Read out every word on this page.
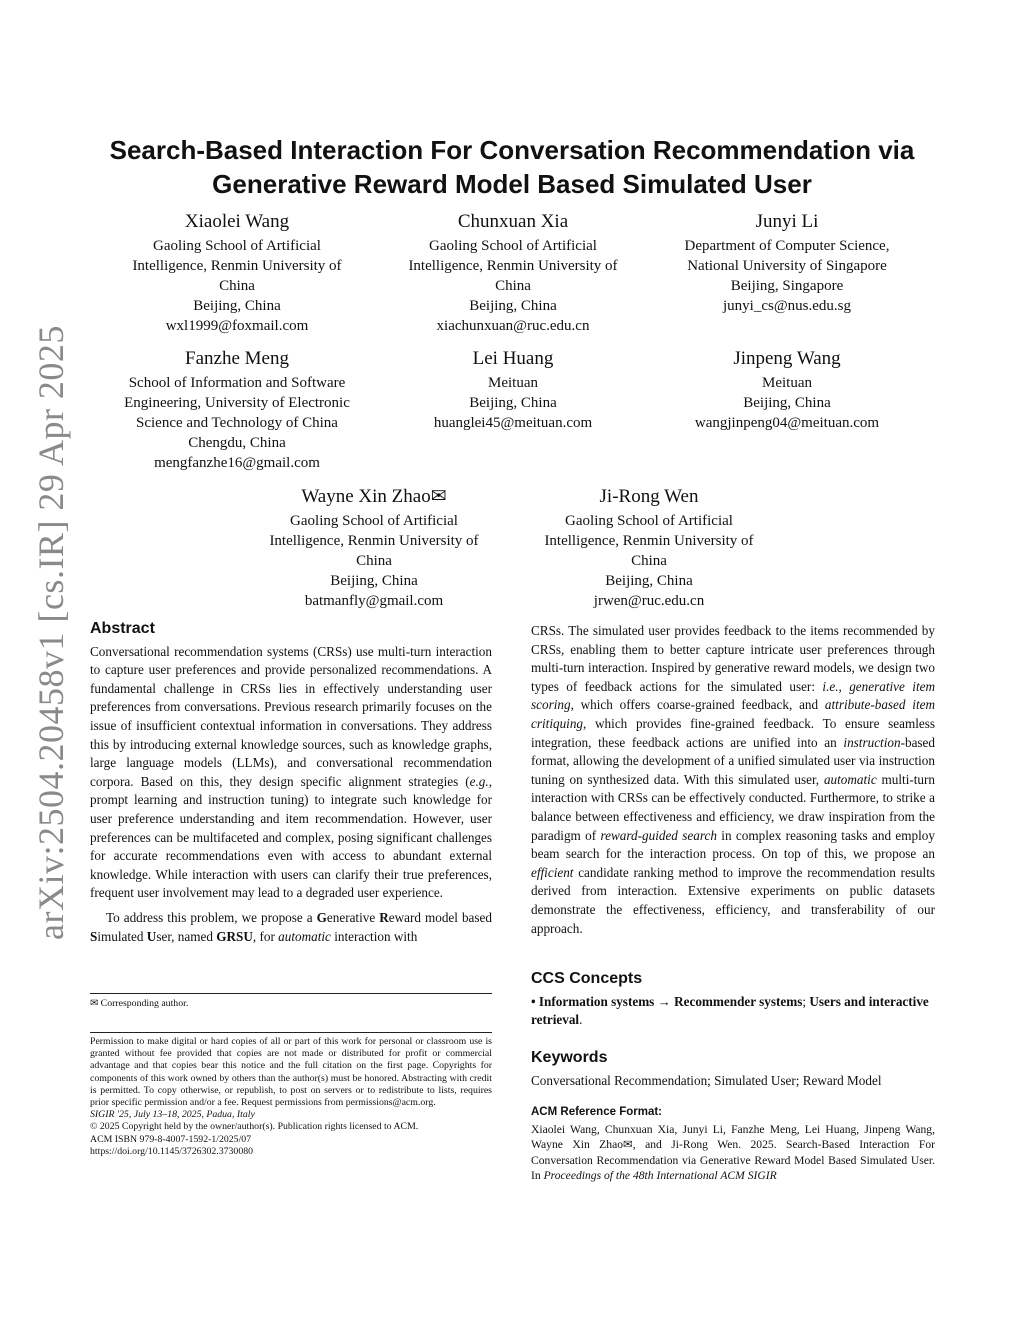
arXiv:2504.20458v1 [cs.IR] 29 Apr 2025
Search-Based Interaction For Conversation Recommendation via Generative Reward Model Based Simulated User
Xiaolei Wang
Gaoling School of Artificial
Intelligence, Renmin University of
China
Beijing, China
wxl1999@foxmail.com
Chunxuan Xia
Gaoling School of Artificial
Intelligence, Renmin University of
China
Beijing, China
xiachunxuan@ruc.edu.cn
Junyi Li
Department of Computer Science,
National University of Singapore
Beijing, Singapore
junyi_cs@nus.edu.sg
Fanzhe Meng
School of Information and Software
Engineering, University of Electronic
Science and Technology of China
Chengdu, China
mengfanzhe16@gmail.com
Lei Huang
Meituan
Beijing, China
huanglei45@meituan.com
Jinpeng Wang
Meituan
Beijing, China
wangjinpeng04@meituan.com
Wayne Xin Zhao✉
Gaoling School of Artificial
Intelligence, Renmin University of
China
Beijing, China
batmanfly@gmail.com
Ji-Rong Wen
Gaoling School of Artificial
Intelligence, Renmin University of
China
Beijing, China
jrwen@ruc.edu.cn
Abstract

Conversational recommendation systems (CRSs) use multi-turn interaction to capture user preferences and provide personalized recommendations. A fundamental challenge in CRSs lies in effectively understanding user preferences from conversations. Previous research primarily focuses on the issue of insufficient contextual information in conversations. They address this by introducing external knowledge sources, such as knowledge graphs, large language models (LLMs), and conversational recommendation corpora. Based on this, they design specific alignment strategies (e.g., prompt learning and instruction tuning) to integrate such knowledge for user preference understanding and item recommendation. However, user preferences can be multifaceted and complex, posing significant challenges for accurate recommendations even with access to abundant external knowledge. While interaction with users can clarify their true preferences, frequent user involvement may lead to a degraded user experience.

To address this problem, we propose a Generative Reward model based Simulated User, named GRSU, for automatic interaction with

✉ Corresponding author.

Permission to make digital or hard copies of all or part of this work for personal or classroom use is granted without fee provided that copies are not made or distributed for profit or commercial advantage and that copies bear this notice and the full citation on the first page. Copyrights for components of this work owned by others than the author(s) must be honored. Abstracting with credit is permitted. To copy otherwise, or republish, to post on servers or to redistribute to lists, requires prior specific permission and/or a fee. Request permissions from permissions@acm.org.

SIGIR '25, July 13–18, 2025, Padua, Italy

© 2025 Copyright held by the owner/author(s). Publication rights licensed to ACM.

ACM ISBN 979-8-4007-1592-1/2025/07

https://doi.org/10.1145/3726302.3730080

CRSs. The simulated user provides feedback to the items recommended by CRSs, enabling them to better capture intricate user preferences through multi-turn interaction. Inspired by generative reward models, we design two types of feedback actions for the simulated user: i.e., generative item scoring, which offers coarse-grained feedback, and attribute-based item critiquing, which provides fine-grained feedback. To ensure seamless integration, these feedback actions are unified into an instruction-based format, allowing the development of a unified simulated user via instruction tuning on synthesized data. With this simulated user, automatic multi-turn interaction with CRSs can be effectively conducted. Furthermore, to strike a balance between effectiveness and efficiency, we draw inspiration from the paradigm of reward-guided search in complex reasoning tasks and employ beam search for the interaction process. On top of this, we propose an efficient candidate ranking method to improve the recommendation results derived from interaction. Extensive experiments on public datasets demonstrate the effectiveness, efficiency, and transferability of our approach.

CCS Concepts

• Information systems → Recommender systems; Users and interactive retrieval.

Keywords

Conversational Recommendation; Simulated User; Reward Model

ACM Reference Format:

Xiaolei Wang, Chunxuan Xia, Junyi Li, Fanzhe Meng, Lei Huang, Jinpeng Wang, Wayne Xin Zhao✉, and Ji-Rong Wen. 2025. Search-Based Interaction For Conversation Recommendation via Generative Reward Model Based Simulated User. In Proceedings of the 48th International ACM SIGIR
